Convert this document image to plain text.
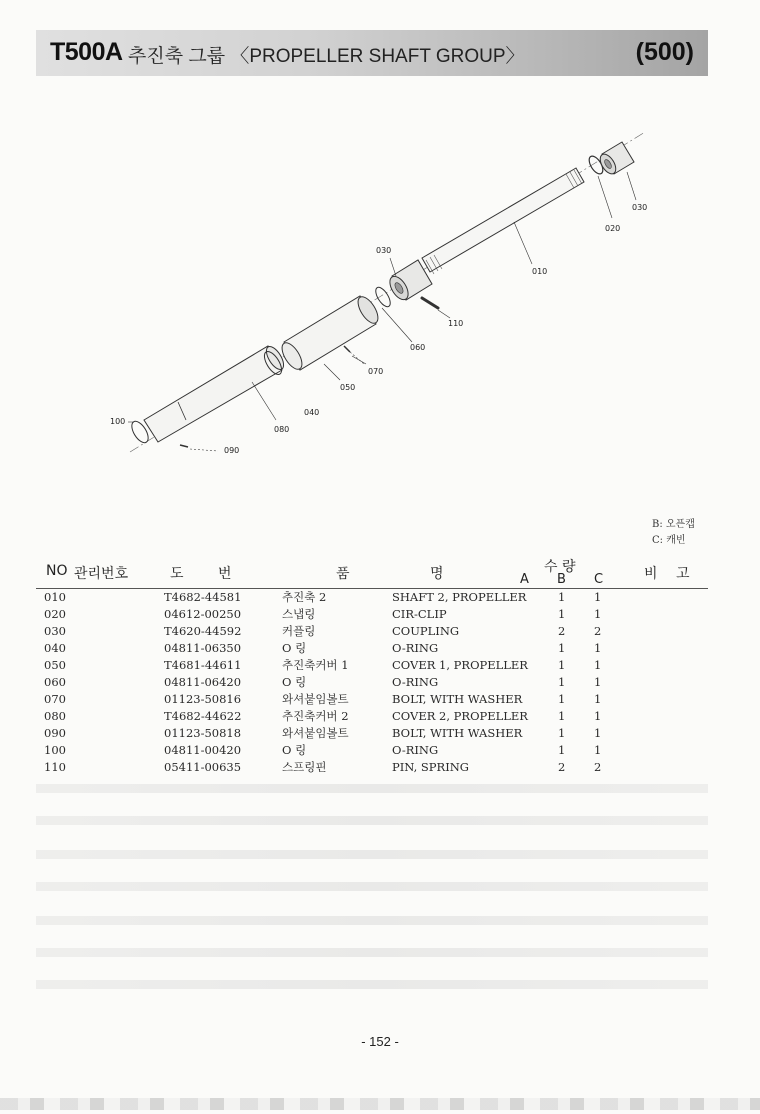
T500A 추진축 그룹 〈PROPELLER SHAFT GROUP〉	(500)
010
020
030
030
040
050
060
070
080
090
100
110
B: 오픈캡
C: 캐빈
NO 관리번호	도 번	품	명	수 량
A B C	비 고
010	T4682-44581	추진축 2	SHAFT 2, PROPELLER	1 1
020	04612-00250	스냅링	CIR-CLIP	1 1
030	T4620-44592	커플링	COUPLING	2 2
040	04811-06350	O 링	O-RING	1 1
050	T4681-44611	추진축커버 1	COVER 1, PROPELLER	1 1
060	04811-06420	O 링	O-RING	1 1
070	01123-50816	와셔붙임볼트	BOLT, WITH WASHER	1 1
080	T4682-44622	추진축커버 2	COVER 2, PROPELLER	1 1
090	01123-50818	와셔붙임볼트	BOLT, WITH WASHER	1 1
100	04811-00420	O 링	O-RING	1 1
110	05411-00635	스프링핀	PIN, SPRING	2 2
- 152 -
